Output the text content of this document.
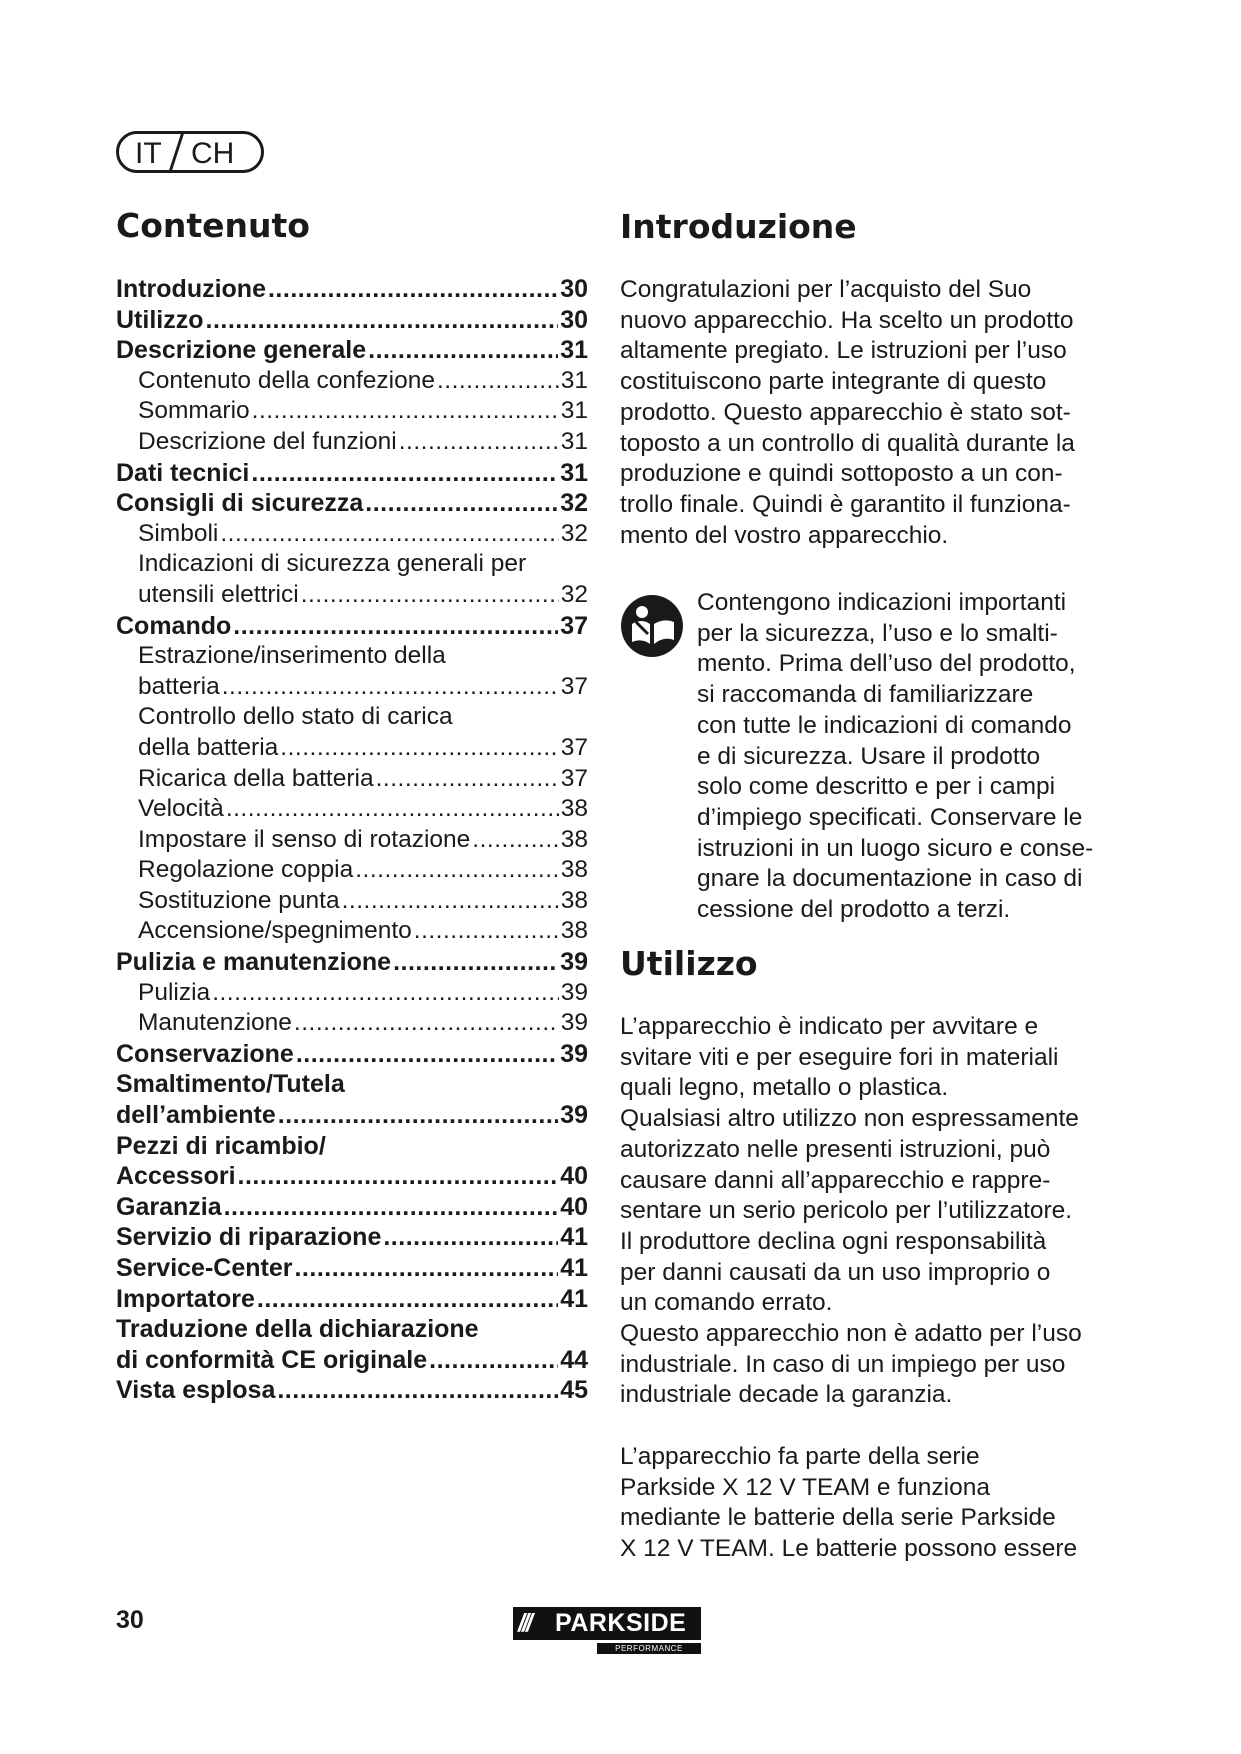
IT CH
Contenuto
Introduzione .....	30
Utilizzo .....	30
Descrizione generale .....	31
Contenuto della confezione .....	31
Sommario .....	31
Descrizione del funzioni .....	31
Dati tecnici .....	31
Consigli di sicurezza .....	32
Simboli .....	32
Indicazioni di sicurezza generali per
utensili elettrici .....	32
Comando .....	37
Estrazione/inserimento della
batteria .....	37
Controllo dello stato di carica
della batteria .....	37
Ricarica della batteria .....	37
Velocità .....	38
Impostare il senso di rotazione .....	38
Regolazione coppia .....	38
Sostituzione punta .....	38
Accensione/spegnimento .....	38
Pulizia e manutenzione .....	39
Pulizia .....	39
Manutenzione .....	39
Conservazione .....	39
Smaltimento/Tutela
dell’ambiente .....	39
Pezzi di ricambio/
Accessori .....	40
Garanzia .....	40
Servizio di riparazione .....	41
Service-Center .....	41
Importatore .....	41
Traduzione della dichiarazione
di conformità CE originale .....	44
Vista esplosa .....	45
Introduzione
Congratulazioni per l’acquisto del Suo
nuovo apparecchio. Ha scelto un prodotto
altamente pregiato. Le istruzioni per l’uso
costituiscono parte integrante di questo
prodotto. Questo apparecchio è stato sot-
toposto a un controllo di qualità durante la
produzione e quindi sottoposto a un con-
trollo finale. Quindi è garantito il funziona-
mento del vostro apparecchio.
Contengono indicazioni importanti
per la sicurezza, l’uso e lo smalti-
mento. Prima dell’uso del prodotto,
si raccomanda di familiarizzare
con tutte le indicazioni di comando
e di sicurezza. Usare il prodotto
solo come descritto e per i campi
d’impiego specificati. Conservare le
istruzioni in un luogo sicuro e conse-
gnare la documentazione in caso di
cessione del prodotto a terzi.
Utilizzo
L’apparecchio è indicato per avvitare e
svitare viti e per eseguire fori in materiali
quali legno, metallo o plastica.
Qualsiasi altro utilizzo non espressamente
autorizzato nelle presenti istruzioni, può
causare danni all’apparecchio e rappre-
sentare un serio pericolo per l’utilizzatore.
Il produttore declina ogni responsabilità
per danni causati da un uso improprio o
un comando errato.
Questo apparecchio non è adatto per l’uso
industriale. In caso di un impiego per uso
industriale decade la garanzia.

L’apparecchio fa parte della serie
Parkside X 12 V TEAM e funziona
mediante le batterie della serie Parkside
X 12 V TEAM. Le batterie possono essere
30	/// PARKSIDE
PERFORMANCE
